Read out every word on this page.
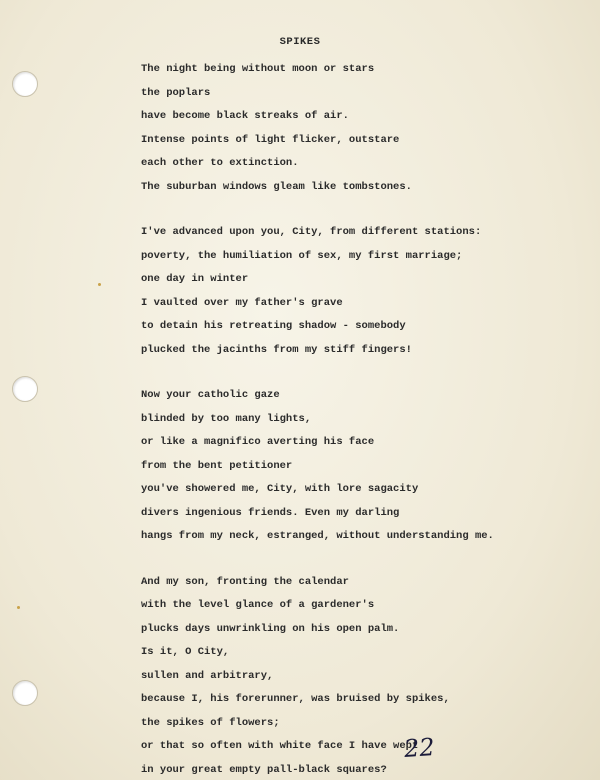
SPIKES
The night being without moon or stars
the poplars
have become black streaks of air.
Intense points of light flicker, outstare
each other to extinction.
The suburban windows gleam like tombstones.
I've advanced upon you, City, from different stations:
poverty, the humiliation of sex, my first marriage;
one day in winter
I vaulted over my father's grave
to detain his retreating shadow - somebody
plucked the jacinths from my stiff fingers!
Now your catholic gaze
blinded by too many lights,
or like a magnifico averting his face
from the bent petitioner
you've showered me, City, with lore sagacity
divers ingenious friends. Even my darling
hangs from my neck, estranged, without understanding me.
And my son, fronting the calendar
with the level glance of a gardener's
plucks days unwrinkling on his open palm.
Is it, O City,
sullen and arbitrary,
because I, his forerunner, was bruised by spikes,
the spikes of flowers;
or that so often with white face I have wept
in your great empty pall-black squares?
22
